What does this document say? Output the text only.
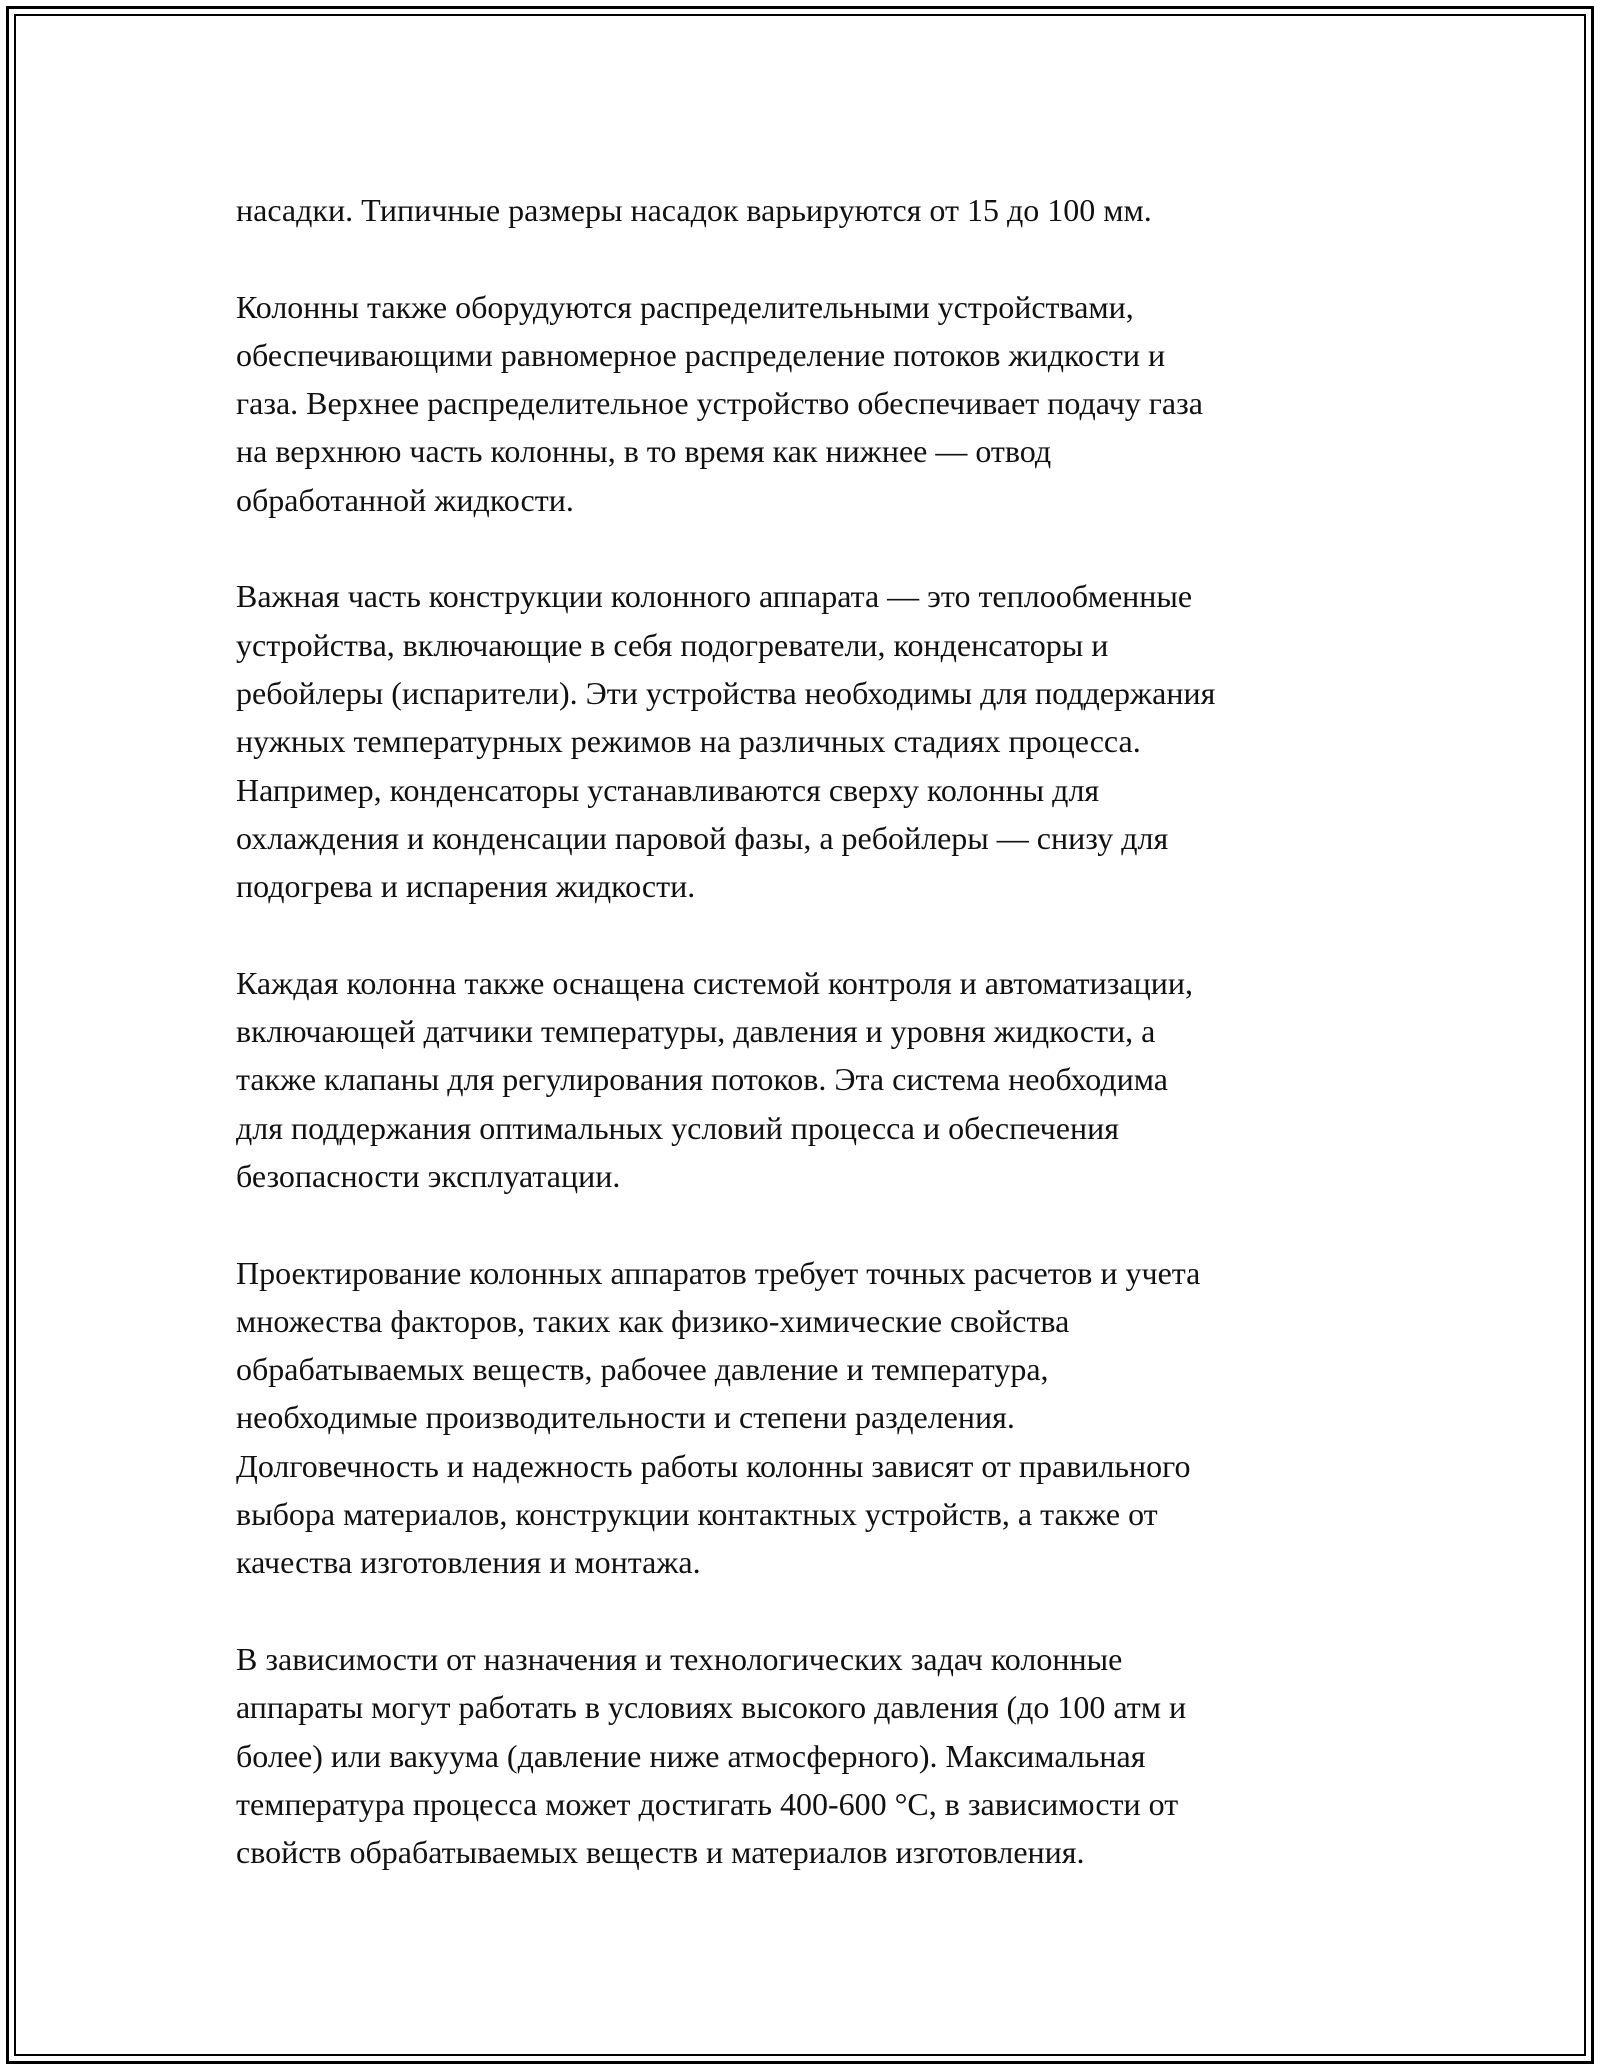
насадки. Типичные размеры насадок варьируются от 15 до 100 мм.

Колонны также оборудуются распределительными устройствами,
обеспечивающими равномерное распределение потоков жидкости и
газа. Верхнее распределительное устройство обеспечивает подачу газа
на верхнюю часть колонны, в то время как нижнее — отвод
обработанной жидкости.

Важная часть конструкции колонного аппарата — это теплообменные
устройства, включающие в себя подогреватели, конденсаторы и
ребойлеры (испарители). Эти устройства необходимы для поддержания
нужных температурных режимов на различных стадиях процесса.
Например, конденсаторы устанавливаются сверху колонны для
охлаждения и конденсации паровой фазы, а ребойлеры — снизу для
подогрева и испарения жидкости.

Каждая колонна также оснащена системой контроля и автоматизации,
включающей датчики температуры, давления и уровня жидкости, а
также клапаны для регулирования потоков. Эта система необходима
для поддержания оптимальных условий процесса и обеспечения
безопасности эксплуатации.

Проектирование колонных аппаратов требует точных расчетов и учета
множества факторов, таких как физико-химические свойства
обрабатываемых веществ, рабочее давление и температура,
необходимые производительности и степени разделения.
Долговечность и надежность работы колонны зависят от правильного
выбора материалов, конструкции контактных устройств, а также от
качества изготовления и монтажа.

В зависимости от назначения и технологических задач колонные
аппараты могут работать в условиях высокого давления (до 100 атм и
более) или вакуума (давление ниже атмосферного). Максимальная
температура процесса может достигать 400-600 °C, в зависимости от
свойств обрабатываемых веществ и материалов изготовления.
